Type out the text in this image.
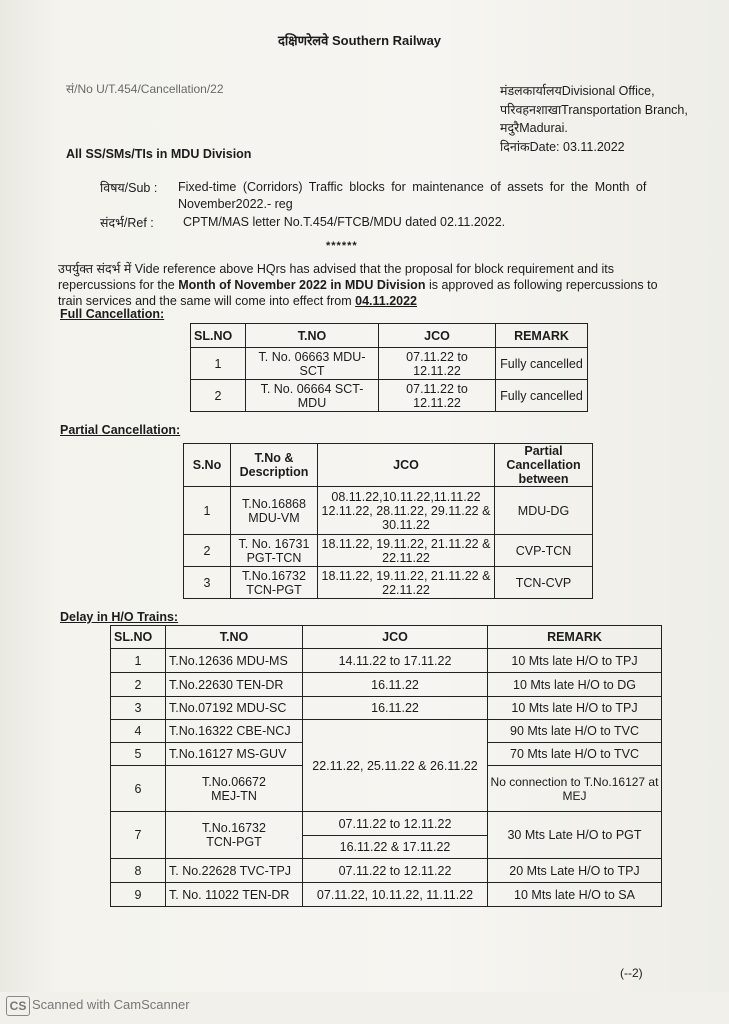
दक्षिणरेलवे Southern Railway
सं/No U/T.454/Cancellation/22	मंडलकार्यालयDivisional Office,
परिवहनशाखाTransportation Branch,
मदुरैMadurai.
दिनांकDate: 03.11.2022
All SS/SMs/TIs in MDU Division
विषय/Sub : Fixed-time (Corridors) Traffic blocks for maintenance of assets for the Month of
November2022.- reg
संदर्भ/Ref : CPTM/MAS letter No.T.454/FTCB/MDU dated 02.11.2022.
******
उपर्युक्त संदर्भ में Vide reference above HQrs has advised that the proposal for block requirement and its
repercussions for the Month of November 2022 in MDU Division is approved as following repercussions to
train services and the same will come into effect from 04.11.2022
Full Cancellation:
SL.NO	T.NO	JCO	REMARK
1	T. No. 06663 MDU-SCT	07.11.22 to 12.11.22	Fully cancelled
2	T. No. 06664 SCT-MDU	07.11.22 to 12.11.22	Fully cancelled
Partial Cancellation:
S.No	T.No & Description	JCO	Partial Cancellation between
1	T.No.16868 MDU-VM	08.11.22,10.11.22,11.11.22 12.11.22, 28.11.22, 29.11.22 & 30.11.22	MDU-DG
2	T. No. 16731 PGT-TCN	18.11.22, 19.11.22, 21.11.22 & 22.11.22	CVP-TCN
3	T.No.16732 TCN-PGT	18.11.22, 19.11.22, 21.11.22 & 22.11.22	TCN-CVP
Delay in H/O Trains:
SL.NO	T.NO	JCO	REMARK
1	T.No.12636 MDU-MS	14.11.22 to 17.11.22	10 Mts late H/O to TPJ
2	T.No.22630 TEN-DR	16.11.22	10 Mts late H/O to DG
3	T.No.07192 MDU-SC	16.11.22	10 Mts late H/O to TPJ
4	T.No.16322 CBE-NCJ	22.11.22, 25.11.22 & 26.11.22	90 Mts late H/O to TVC
5	T.No.16127 MS-GUV		70 Mts late H/O to TVC
6	T.No.06672 MEJ-TN		No connection to T.No.16127 at MEJ
7	T.No.16732 TCN-PGT	07.11.22 to 12.11.22	30 Mts Late H/O to PGT
		16.11.22 & 17.11.22	
8	T. No.22628 TVC-TPJ	07.11.22 to 12.11.22	20 Mts Late H/O to TPJ
9	T. No. 11022 TEN-DR	07.11.22, 10.11.22, 11.11.22	10 Mts late H/O to SA
(--2)
CS Scanned with CamScanner
